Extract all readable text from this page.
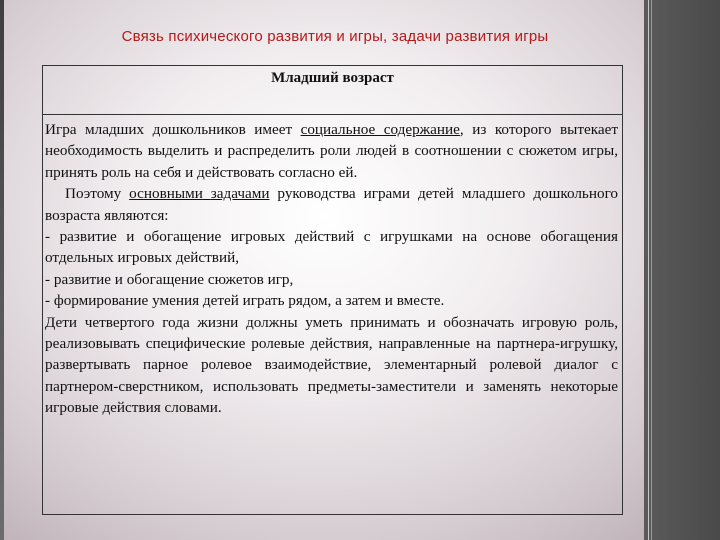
Связь психического развития и игры, задачи развития игры
Младший возраст

Игра младших дошкольников имеет социальное содержание, из которого вытекает необходимость выделить и распределить роли людей в соотношении с сюжетом игры, принять роль на себя и действовать согласно ей.

Поэтому основными задачами руководства играми детей младшего дошкольного возраста являются:

- развитие и обогащение игровых действий с игрушками на основе обогащения отдельных игровых действий,

- развитие и обогащение сюжетов игр,

- формирование умения детей играть рядом, а затем и вместе.

Дети четвертого года жизни должны уметь принимать и обозначать игровую роль, реализовывать специфические ролевые действия, направленные на партнера-игрушку, развертывать парное ролевое взаимодействие, элементарный ролевой диалог с партнером-сверстником, использовать предметы-заместители и заменять некоторые игровые действия словами.
